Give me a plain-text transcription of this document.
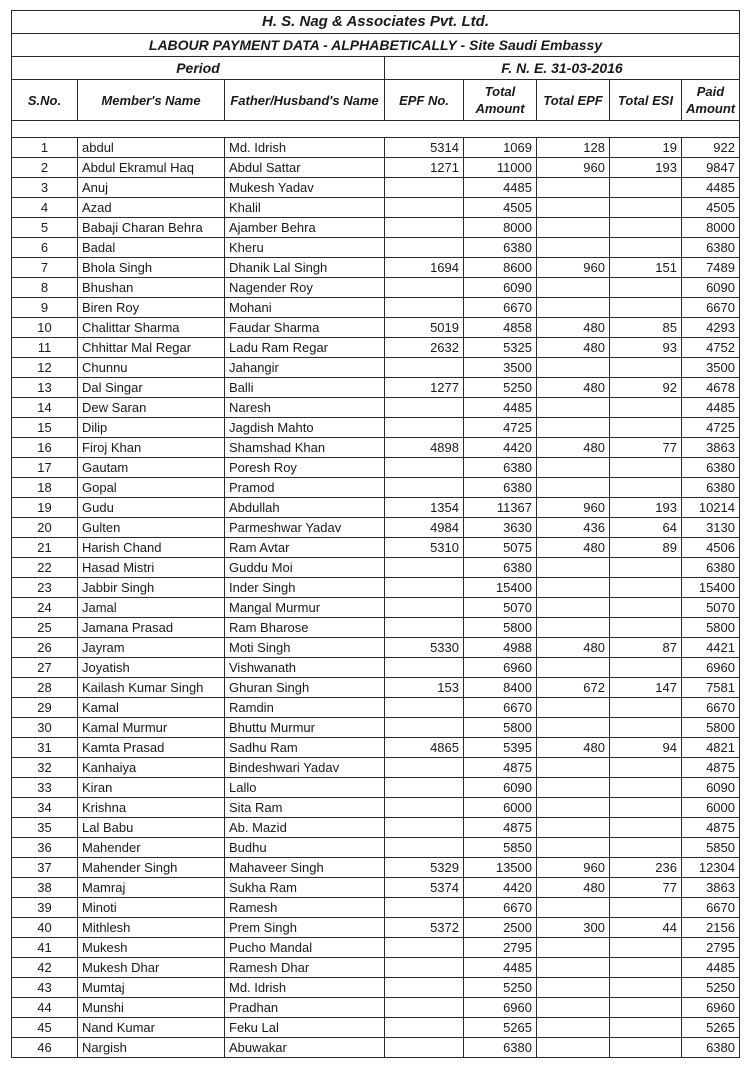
H. S. Nag & Associates Pvt. Ltd.							
LABOUR PAYMENT DATA - ALPHABETICALLY - Site Saudi Embassy							
Period			F. N. E. 31-03-2016				
S.No.	Member's Name	Father/Husband's Name	EPF No.	Total Amount	Total EPF	Total ESI	Paid Amount

1	abdul	Md. Idrish	5314	1069	128	19	922
2	Abdul Ekramul Haq	Abdul Sattar	1271	11000	960	193	9847
3	Anuj	Mukesh Yadav		4485			4485
4	Azad	Khalil		4505			4505
5	Babaji Charan Behra	Ajamber Behra		8000			8000
6	Badal	Kheru		6380			6380
7	Bhola Singh	Dhanik Lal Singh	1694	8600	960	151	7489
8	Bhushan	Nagender Roy		6090			6090
9	Biren Roy	Mohani		6670			6670
10	Chalittar Sharma	Faudar Sharma	5019	4858	480	85	4293
11	Chhittar Mal Regar	Ladu Ram Regar	2632	5325	480	93	4752
12	Chunnu	Jahangir		3500			3500
13	Dal Singar	Balli	1277	5250	480	92	4678
14	Dew Saran	Naresh		4485			4485
15	Dilip	Jagdish Mahto		4725			4725
16	Firoj Khan	Shamshad Khan	4898	4420	480	77	3863
17	Gautam	Poresh Roy		6380			6380
18	Gopal	Pramod		6380			6380
19	Gudu	Abdullah	1354	11367	960	193	10214
20	Gulten	Parmeshwar Yadav	4984	3630	436	64	3130
21	Harish Chand	Ram Avtar	5310	5075	480	89	4506
22	Hasad Mistri	Guddu Moi		6380			6380
23	Jabbir Singh	Inder Singh		15400			15400
24	Jamal	Mangal Murmur		5070			5070
25	Jamana Prasad	Ram Bharose		5800			5800
26	Jayram	Moti Singh	5330	4988	480	87	4421
27	Joyatish	Vishwanath		6960			6960
28	Kailash Kumar Singh	Ghuran Singh	153	8400	672	147	7581
29	Kamal	Ramdin		6670			6670
30	Kamal Murmur	Bhuttu Murmur		5800			5800
31	Kamta Prasad	Sadhu Ram	4865	5395	480	94	4821
32	Kanhaiya	Bindeshwari Yadav		4875			4875
33	Kiran	Lallo		6090			6090
34	Krishna	Sita Ram		6000			6000
35	Lal Babu	Ab. Mazid		4875			4875
36	Mahender	Budhu		5850			5850
37	Mahender Singh	Mahaveer Singh	5329	13500	960	236	12304
38	Mamraj	Sukha Ram	5374	4420	480	77	3863
39	Minoti	Ramesh		6670			6670
40	Mithlesh	Prem Singh	5372	2500	300	44	2156
41	Mukesh	Pucho Mandal		2795			2795
42	Mukesh Dhar	Ramesh Dhar		4485			4485
43	Mumtaj	Md. Idrish		5250			5250
44	Munshi	Pradhan		6960			6960
45	Nand Kumar	Feku Lal		5265			5265
46	Nargish	Abuwakar		6380			6380
